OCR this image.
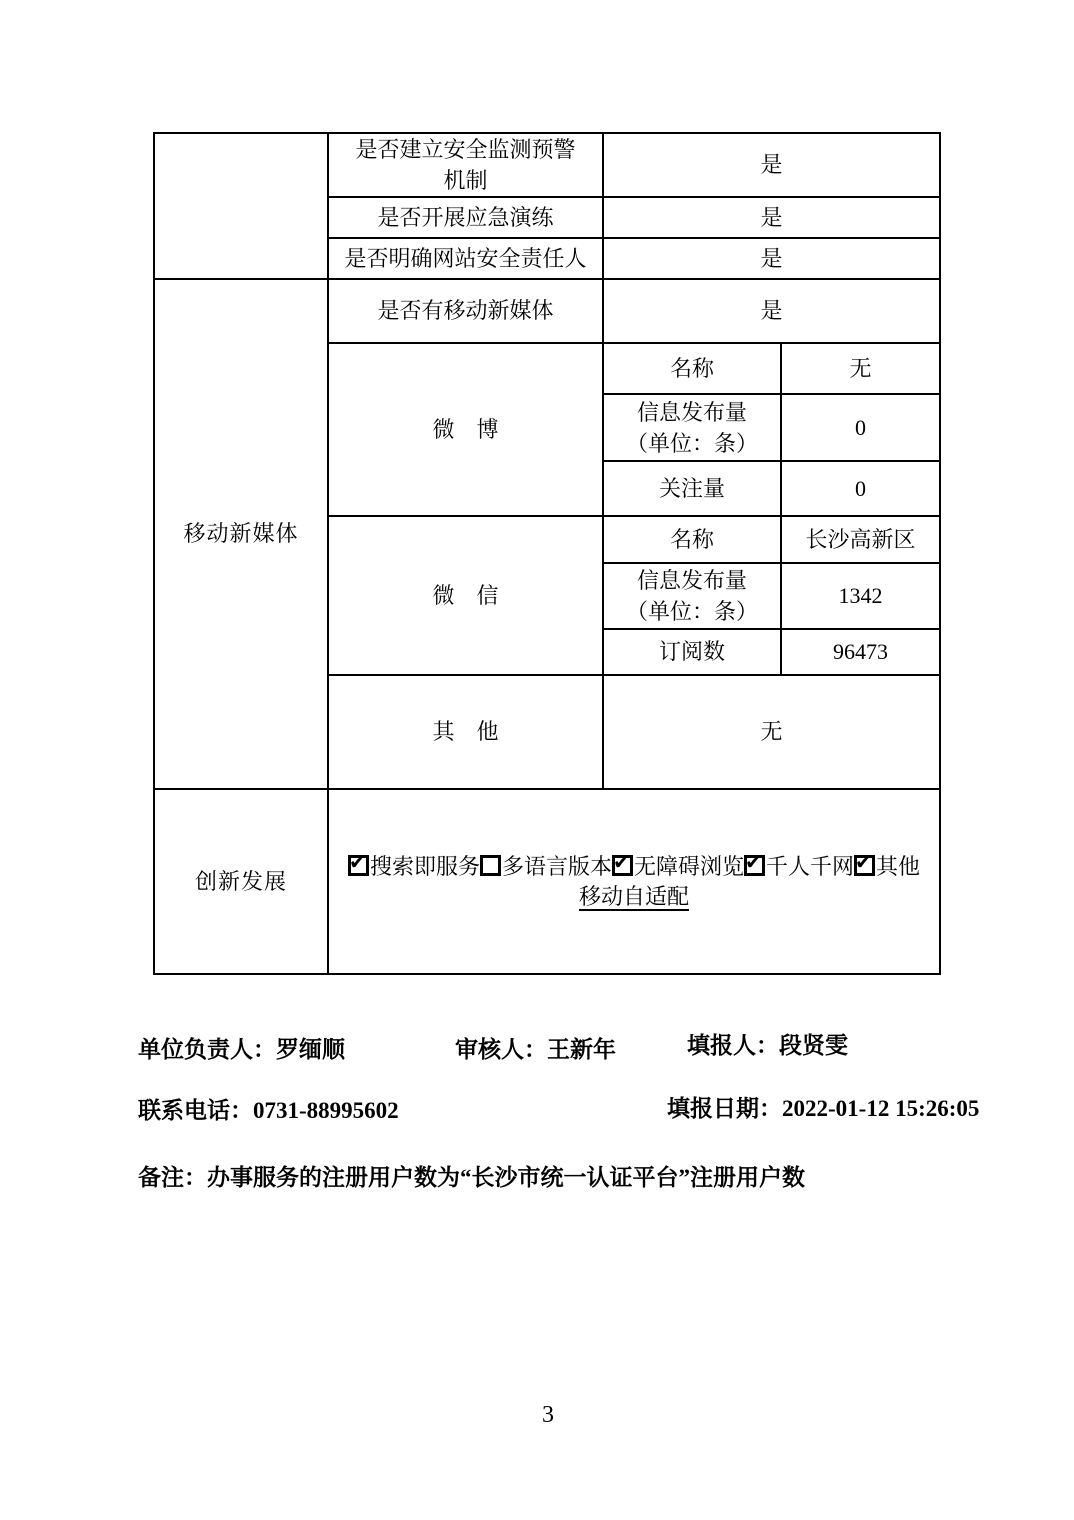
	是否建立安全监测预警
机制	是	
	是否开展应急演练	是	
	是否明确网站安全责任人	是	
移动新媒体	是否有移动新媒体	是	
	微　博	名称	无

		信息发布量
（单位：条）	0
		关注量	0
	微　信	名称	长沙高新区

		信息发布量
（单位：条）	1342
		订阅数	96473
	其　他	无	
创新发展	✔搜索即服务 多语言版本 ✔ 无障碍浏览 ✔ 千人千网 ✔ 其他
移动自适配
单位负责人：罗缅顺	审核人：王新年	填报人：段贤雯
联系电话：0731-88995602	填报日期：2022-01-12 15:26:05
备注：办事服务的注册用户数为“长沙市统一认证平台”注册用户数
3
